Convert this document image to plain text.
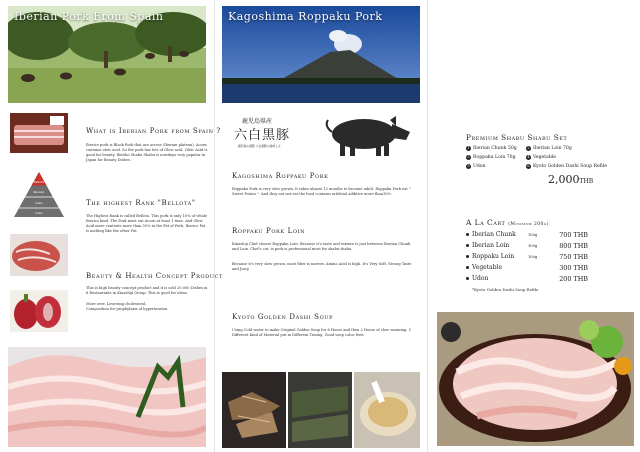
Iberian Pork From Spain
What is Iberian Pork from Spain ?
Iberico pork is Black Pork that are across (Iberian plateau). Acorn contains oleic acid. So the pork has lots of Oleic acid, Oleic Acid is good for beauty. Iberiko Shabu Shabu is nowdays very popular in Japan for Beauty Dishes.
Bellota
Recebo
Cebo
Cebo
The highest Rank "Bellota"
The Highest Rank is called Bellota. This pork is only 10% of whole Iberico kind. The Pork must eat Acorn at least 1 time. And Oleic Acid more contents more than 55% in the Fat of Pork. Iberico Fat is melting like the other Fat.
Beauty & Health Concept Product
This is high beauty concept product and it is sold 20,000 Dishes in 6 Restaurants in Kinashiji Group. This is good for ideas.
More over, Lowering cholesterol,
Composition for prophylaxis of hypertension.
Kagoshima Roppaku Pork
鹿児島県産
六白黒豚
鹿児島の黒豚 六白黒豚の美味しさ
Kagoshima Roppaku Pork
Roppaku Pork is very slow grown, It takes almost 12 months to become adult. Roppaku Pork eat " Sweet Potato ". And they eat not eat the food contains artificial additive more than10%.
Roppaku Pork Loin
Kinashiji Chef choose Roppaku Loin. Because it's taste and texture is just between Iberian Chunk and Loin. Chef's cut, is pork is professional most for shabu shabu.
Because it's very slow grown, most fiber is narrow. Amino Acid is high. It's Very Soft, Strong Taste and Juicy.
Kyoto Golden Dashi Soup
Using Cold water to make Original Golden Soup for 6 Hours and then 2 Hours of slow warming. 5 Different Kind of Material put in Different Timing. Good soup color, first.
Premium Shabu Shabu Set
1 Iberian Chunk 50g	2 Iberian Loin 70g
3 Roppaku Loin 70g	4 Vegetable
5 Udon	6 Kyoto Golden Dashi Soup Refile
2,000THB
A La Cart (Minimum 200g)
Iberian Chunk	100g	700 THB
Iberian Loin	100g	800 THB
Roppaku Loin	100g	750 THB
Vegetable	300 THB
Udon	200 THB
*Kyoto Golden Dashi Soup Refile
